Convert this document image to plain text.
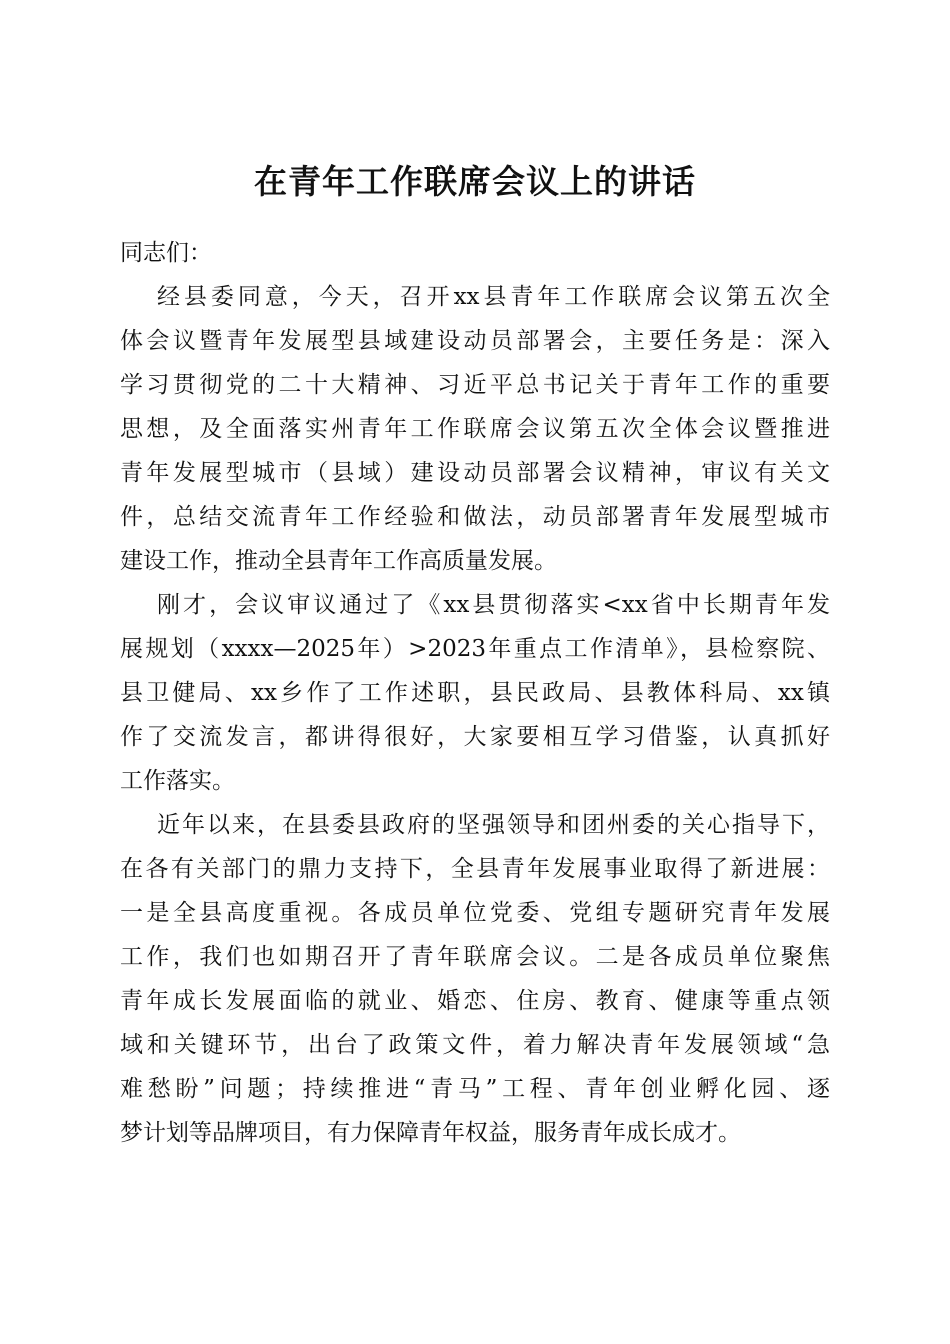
在青年工作联席会议上的讲话

同志们：

经县委同意，今天，召开xx县青年工作联席会议第五次全
体会议暨青年发展型县域建设动员部署会，主要任务是：深入
学习贯彻党的二十大精神、习近平总书记关于青年工作的重要
思想，及全面落实州青年工作联席会议第五次全体会议暨推进
青年发展型城市（县域）建设动员部署会议精神，审议有关文
件，总结交流青年工作经验和做法，动员部署青年发展型城市
建设工作，推动全县青年工作高质量发展。
刚才，会议审议通过了《xx县贯彻落实<xx省中长期青年发
展规划（xxxx—2025年）>2023年重点工作清单》，县检察院、
县卫健局、xx乡作了工作述职，县民政局、县教体科局、xx镇
作了交流发言，都讲得很好，大家要相互学习借鉴，认真抓好
工作落实。
近年以来，在县委县政府的坚强领导和团州委的关心指导下，
在各有关部门的鼎力支持下，全县青年发展事业取得了新进展：
一是全县高度重视。各成员单位党委、党组专题研究青年发展
工作，我们也如期召开了青年联席会议。二是各成员单位聚焦
青年成长发展面临的就业、婚恋、住房、教育、健康等重点领
域和关键环节，出台了政策文件，着力解决青年发展领域“急
难愁盼”问题；持续推进“青马”工程、青年创业孵化园、逐
梦计划等品牌项目，有力保障青年权益，服务青年成长成才。
